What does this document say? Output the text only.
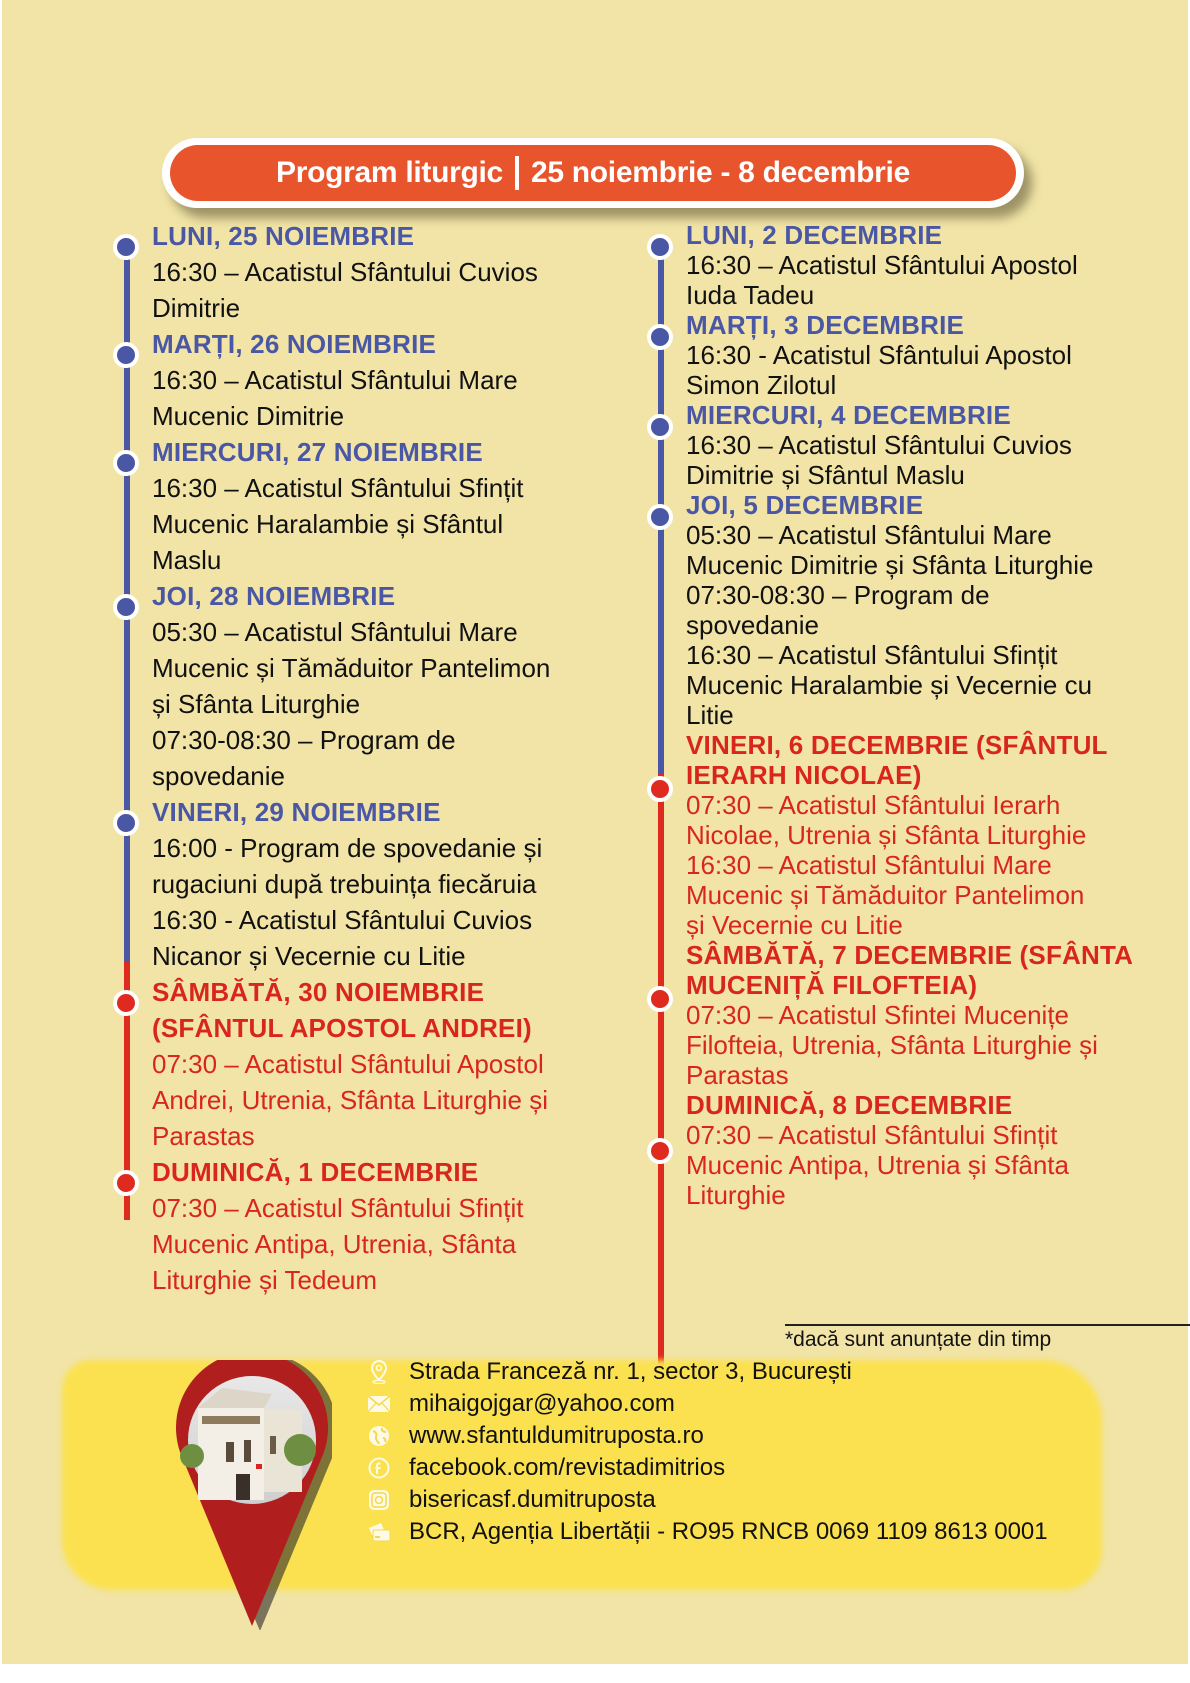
Program liturgic 25 noiembrie - 8 decembrie
LUNI, 25 NOIEMBRIE
16:30 – Acatistul Sfântului Cuvios
Dimitrie
MARȚI, 26 NOIEMBRIE
16:30 – Acatistul Sfântului Mare
Mucenic Dimitrie
MIERCURI, 27 NOIEMBRIE
16:30 – Acatistul Sfântului Sfințit
Mucenic Haralambie și Sfântul
Maslu
JOI, 28 NOIEMBRIE
05:30 – Acatistul Sfântului Mare
Mucenic și Tămăduitor Pantelimon
și Sfânta Liturghie
07:30-08:30 – Program de
spovedanie
VINERI, 29 NOIEMBRIE
16:00 - Program de spovedanie și
rugaciuni după trebuința fiecăruia
16:30 - Acatistul Sfântului Cuvios
Nicanor și Vecernie cu Litie
SÂMBĂTĂ, 30 NOIEMBRIE
(SFÂNTUL APOSTOL ANDREI)
07:30 – Acatistul Sfântului Apostol
Andrei, Utrenia, Sfânta Liturghie și
Parastas
DUMINICĂ, 1 DECEMBRIE
07:30 – Acatistul Sfântului Sfințit
Mucenic Antipa, Utrenia, Sfânta
Liturghie și Tedeum
LUNI, 2 DECEMBRIE
16:30 – Acatistul Sfântului Apostol
Iuda Tadeu
MARȚI, 3 DECEMBRIE
16:30 - Acatistul Sfântului Apostol
Simon Zilotul
MIERCURI, 4 DECEMBRIE
16:30 – Acatistul Sfântului Cuvios
Dimitrie și Sfântul Maslu
JOI, 5 DECEMBRIE
05:30 – Acatistul Sfântului Mare
Mucenic Dimitrie și Sfânta Liturghie
07:30-08:30 – Program de
spovedanie
16:30 – Acatistul Sfântului Sfințit
Mucenic Haralambie și Vecernie cu
Litie
VINERI, 6 DECEMBRIE (SFÂNTUL
IERARH NICOLAE)
07:30 – Acatistul Sfântului Ierarh
Nicolae, Utrenia și Sfânta Liturghie
16:30 – Acatistul Sfântului Mare
Mucenic și Tămăduitor Pantelimon
și Vecernie cu Litie
SÂMBĂTĂ, 7 DECEMBRIE (SFÂNTA
MUCENIȚĂ FILOFTEIA)
07:30 – Acatistul Sfintei Mucenițe
Filofteia, Utrenia, Sfânta Liturghie și
Parastas
DUMINICĂ, 8 DECEMBRIE
07:30 – Acatistul Sfântului Sfințit
Mucenic Antipa, Utrenia și Sfânta
Liturghie
*dacă sunt anunțate din timp
Strada Franceză nr. 1, sector 3, București
mihaigojgar@yahoo.com
www.sfantuldumitruposta.ro
facebook.com/revistadimitrios
bisericasf.dumitruposta
BCR, Agenția Libertății - RO95 RNCB 0069 1109 8613 0001
